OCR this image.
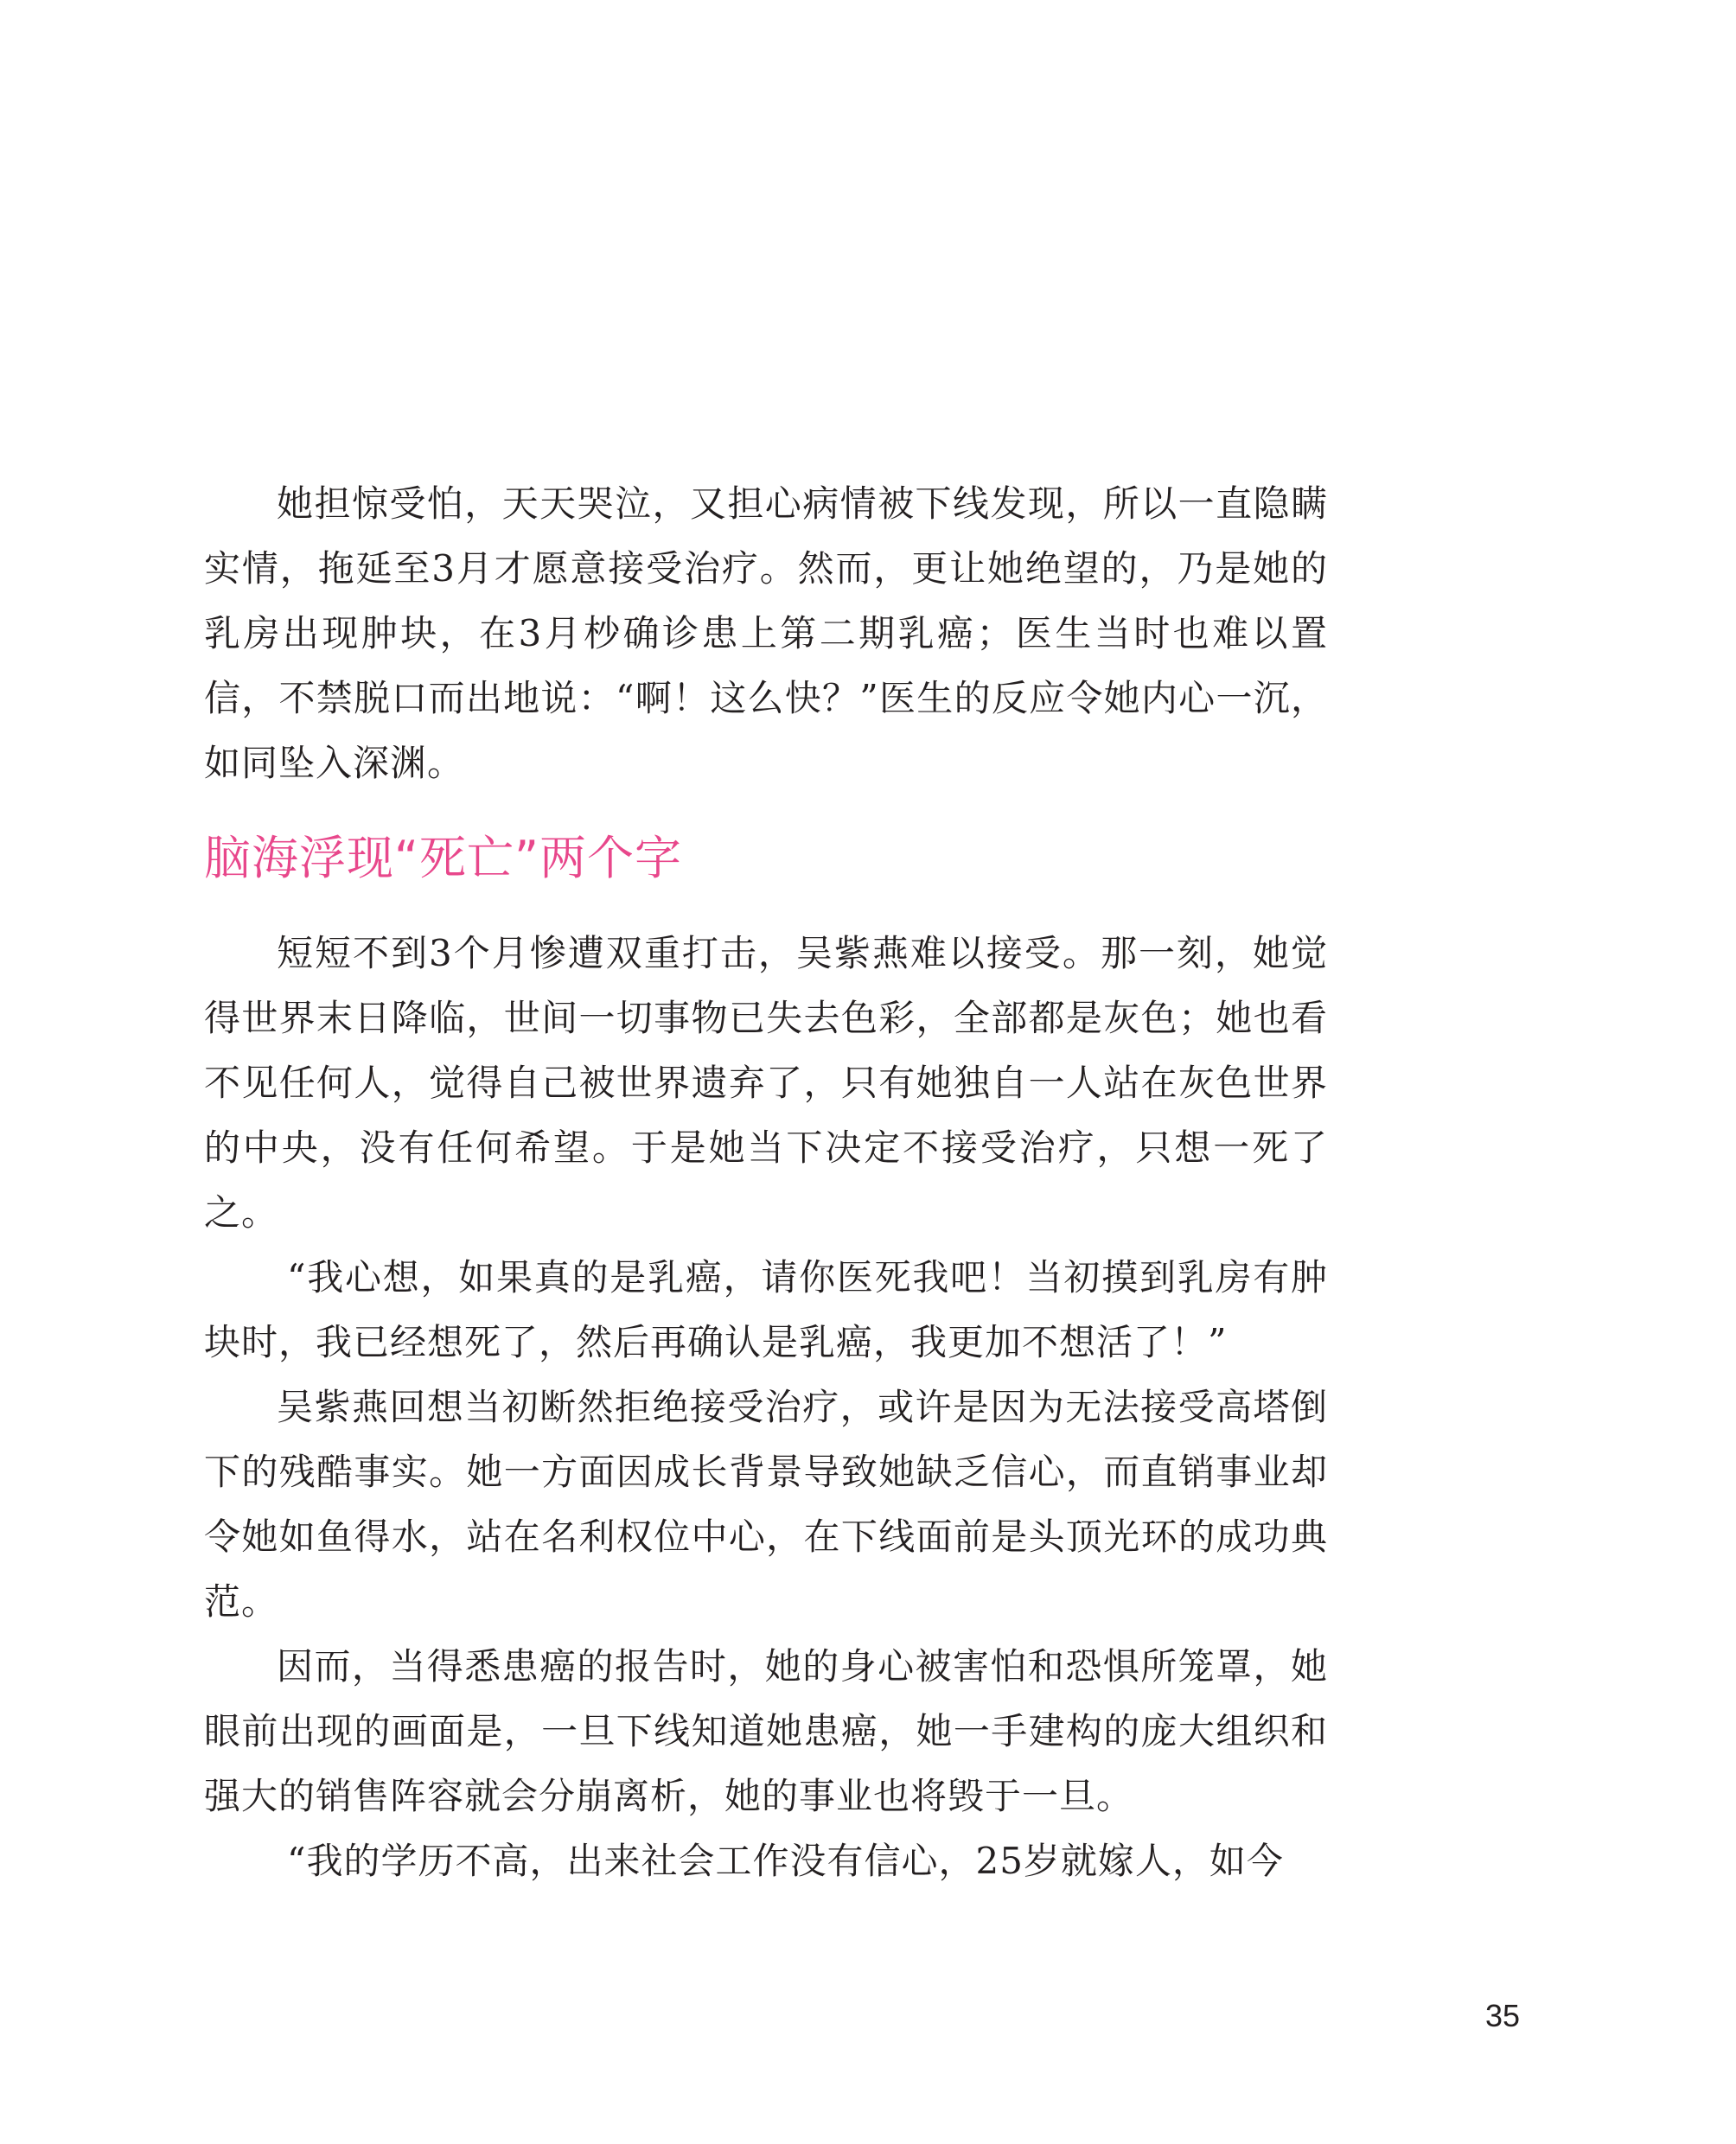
她担惊受怕，天天哭泣，又担心病情被下线发现，所以一直隐瞒实情，拖延至3月才愿意接受治疗。然而，更让她绝望的，乃是她的乳房出现肿块，在3月杪确诊患上第二期乳癌；医生当时也难以置信，不禁脱口而出地说：“啊！这么快？”医生的反应令她内心一沉，如同坠入深渊。

脑海浮现“死亡”两个字

短短不到3个月惨遭双重打击，吴紫燕难以接受。那一刻，她觉得世界末日降临，世间一切事物已失去色彩，全部都是灰色；她也看不见任何人，觉得自己被世界遗弃了，只有她独自一人站在灰色世界的中央，没有任何希望。于是她当下决定不接受治疗，只想一死了之。

“我心想，如果真的是乳癌，请你医死我吧！当初摸到乳房有肿块时，我已经想死了，然后再确认是乳癌，我更加不想活了！”

吴紫燕回想当初断然拒绝接受治疗，或许是因为无法接受高塔倒下的残酷事实。她一方面因成长背景导致她缺乏信心，而直销事业却令她如鱼得水，站在名利权位中心，在下线面前是头顶光环的成功典范。

因而，当得悉患癌的报告时，她的身心被害怕和恐惧所笼罩，她眼前出现的画面是，一旦下线知道她患癌，她一手建构的庞大组织和强大的销售阵容就会分崩离析，她的事业也将毁于一旦。

“我的学历不高，出来社会工作没有信心，25岁就嫁人，如今

35
